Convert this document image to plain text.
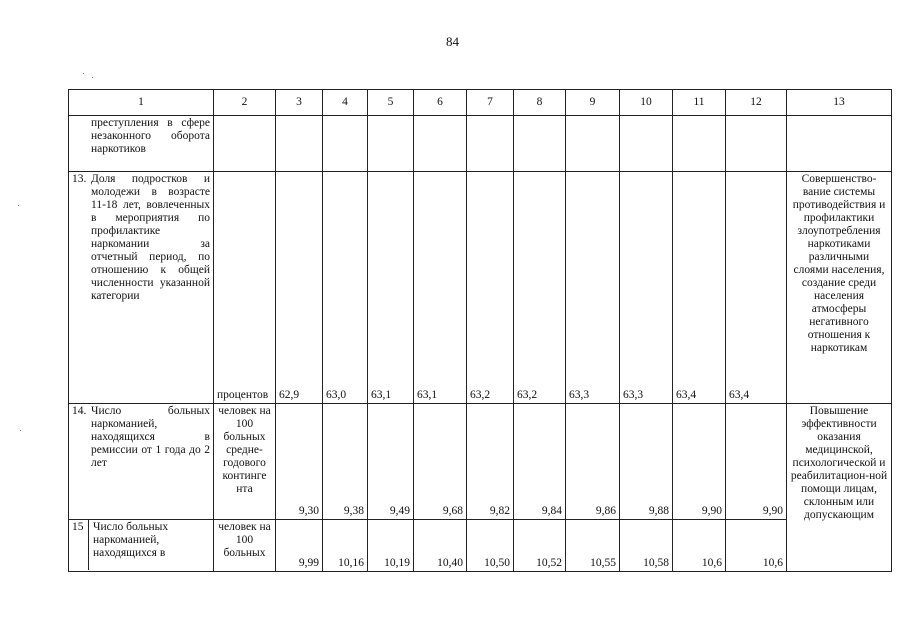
84
1	2	3	4	5	6	7	8	9	10	11	12	13

преступления в сфере незаконного оборота наркотиков												

13. Доля подростков и молодежи в возрасте 11-18 лет, вовлеченных в мероприятия по профилактике наркомании за отчетный период, по отношению к общей численности указанной категории	процентов	62,9	63,0	63,1	63,1	63,2	63,2	63,3	63,3	63,4	63,4	Совершенство-вание системы противодействия и профилактики злоупотребления наркотиками различными слоями населения, создание среди населения атмосферы негативного отношения к наркотикам

14. Число больных наркоманией, находящихся в ремиссии от 1 года до 2 лет	человек на 100 больных средне-годового континге нта	9,30	9,38	9,49	9,68	9,82	9,84	9,86	9,88	9,90	9,90	Повышение эффективности оказания медицинской, психологической и реабилитацион-ной помощи лицам, склонным или допускающим

15 Число больных наркоманией, находящихся в	человек на 100 больных	9,99	10,16	10,19	10,40	10,50	10,52	10,55	10,58	10,6	10,6	
